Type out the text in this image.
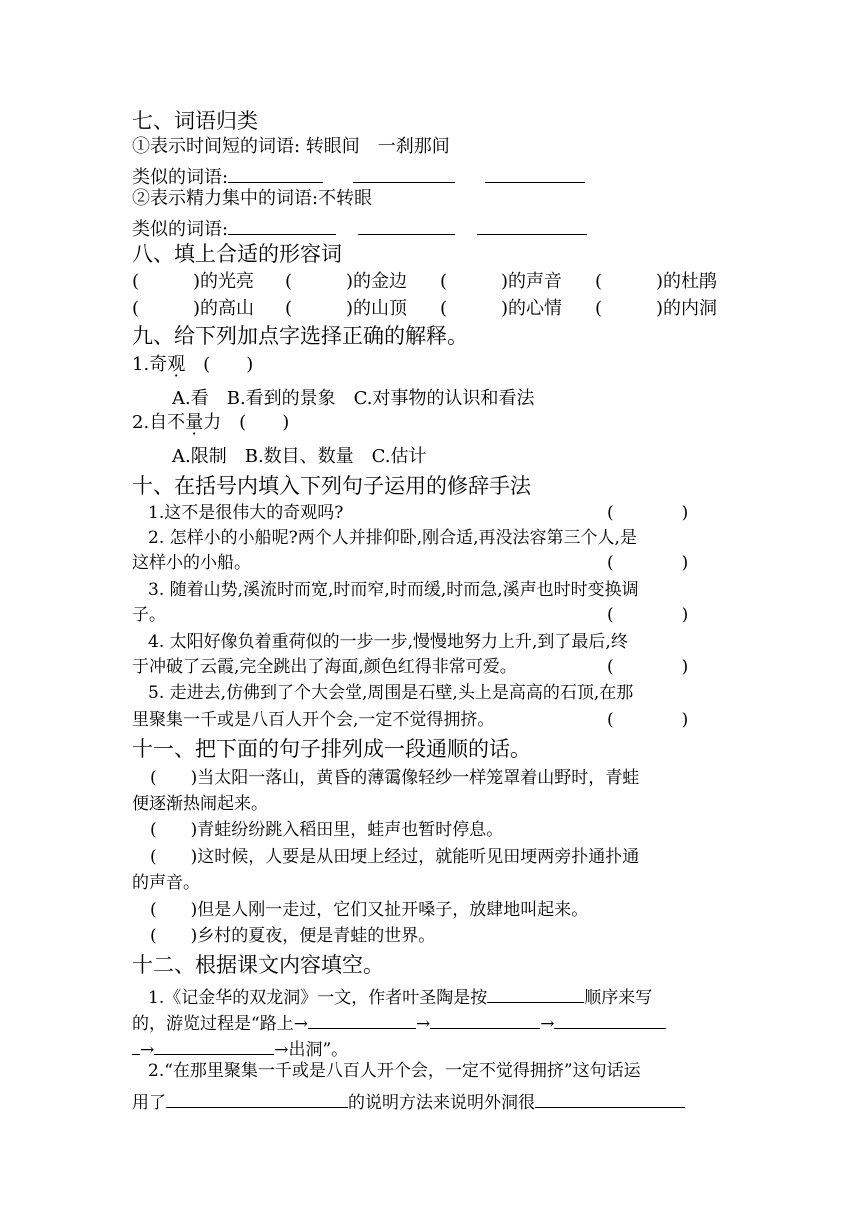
七、词语归类
①表示时间短的词语: 转眼间　一刹那间
类似的词语:
②表示精力集中的词语:不转眼
类似的词语:
八、填上合适的形容词
(　　　)的光亮 (　　　)的金边 (　　　)的声音 (　　　)的杜鹃
(　　　)的高山 (　　　)的山顶 (　　　)的心情 (　　　)的内洞
九、给下列加点字选择正确的解释。
1.奇观　(　　)
A.看　B.看到的景象　C.对事物的认识和看法
2.自不量力　(　　)
A.限制　B.数目、数量　C.估计
十、在括号内填入下列句子运用的修辞手法
1.这不是很伟大的奇观吗?	(　　　　)
2. 怎样小的小船呢?两个人并排仰卧,刚合适,再没法容第三个人,是
这样小的小船。	(　　　　)
3. 随着山势,溪流时而宽,时而窄,时而缓,时而急,溪声也时时变换调
子。	(　　　　)
4. 太阳好像负着重荷似的一步一步,慢慢地努力上升,到了最后,终
于冲破了云霞,完全跳出了海面,颜色红得非常可爱。	(　　　　)
5. 走进去,仿佛到了个大会堂,周围是石壁,头上是高高的石顶,在那
里聚集一千或是八百人开个会,一定不觉得拥挤。	(　　　　)
十一、把下面的句子排列成一段通顺的话。
(　　)当太阳一落山，黄昏的薄霭像轻纱一样笼罩着山野时，青蛙
便逐渐热闹起来。
(　　)青蛙纷纷跳入稻田里，蛙声也暂时停息。
(　　)这时候，人要是从田埂上经过，就能听见田埂两旁扑通扑通
的声音。
(　　)但是人刚一走过，它们又扯开嗓子，放肆地叫起来。
(　　)乡村的夏夜，便是青蛙的世界。
十二、根据课文内容填空。
1.《记金华的双龙洞》一文，作者叶圣陶是按	顺序来写
的，游览过程是“路上→	→	→
→	→出洞”。
2.“在那里聚集一千或是八百人开个会，一定不觉得拥挤”这句话运
用了	的说明方法来说明外洞很
